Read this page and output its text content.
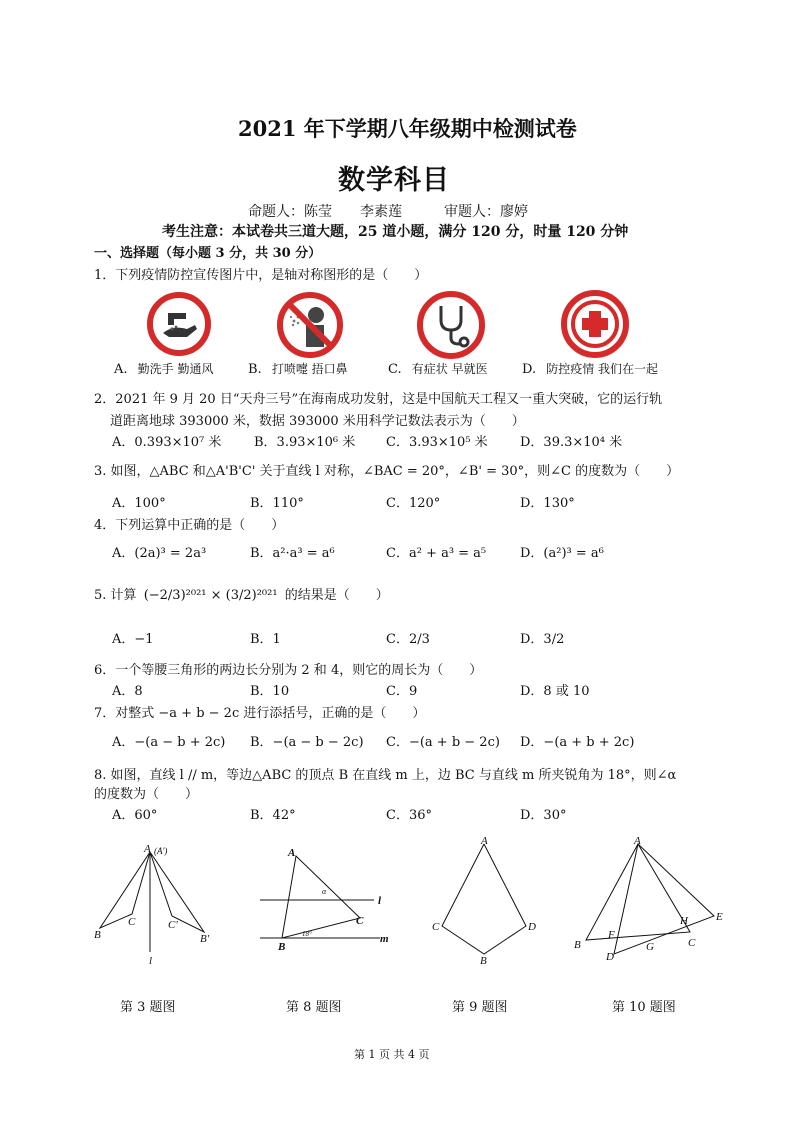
2021 年下学期八年级期中检测试卷
数学科目
命题人：陈莹　　李素莲　　　审题人：廖婷
考生注意：本试卷共三道大题，25 道小题，满分 120 分，时量 120 分钟
一、选择题（每小题 3 分，共 30 分）
1．下列疫情防控宣传图片中，是轴对称图形的是（　　）
A. 勤洗手 勤通风	B. 打喷嚏 捂口鼻	C. 有症状 早就医	D. 防控疫情 我们在一起
2．2021 年 9 月 20 日“天舟三号”在海南成功发射，这是中国航天工程又一重大突破，它的运行轨
道距离地球 393000 米，数据 393000 米用科学记数法表示为（　　）
A．0.393×10⁷ 米	B．3.93×10⁶ 米 C．3.93×10⁵ 米 D．39.3×10⁴ 米
3. 如图，△ABC 和△A'B'C' 关于直线 l 对称，∠BAC = 20°，∠B' = 30°，则∠C 的度数为（　　）
A．100°	B．110°	C．120°	D．130°
4．下列运算中正确的是（　　）
A．(2a)³ = 2a³	B．a²·a³ = a⁶	C．a² + a³ = a⁵	D．(a²)³ = a⁶
5. 计算 (−2/3)²⁰²¹ × (3/2)²⁰²¹ 的结果是（　　）
A．−1	B．1	C．2/3	D．3/2
6．一个等腰三角形的两边长分别为 2 和 4，则它的周长为（　　）
A．8	B．10	C．9	D．8 或 10
7．对整式 −a + b − 2c 进行添括号，正确的是（　　）
A．−(a − b + 2c) B．−(a − b − 2c) C．−(a + b − 2c) D．−(a + b + 2c)
8. 如图，直线 l // m，等边△ABC 的顶点 B 在直线 m 上，边 BC 与直线 m 所夹锐角为 18°，则∠α
的度数为（　　）
A．60°	B．42°	C．36°	D．30°
A (A')
B
C	C'
B'
l
A
B
C
l
m
α
18°
A
C	D
B
A
B	C
D
E
F
G
H
第 3 题图	第 8 题图	第 9 题图	第 10 题图
第 1 页 共 4 页
